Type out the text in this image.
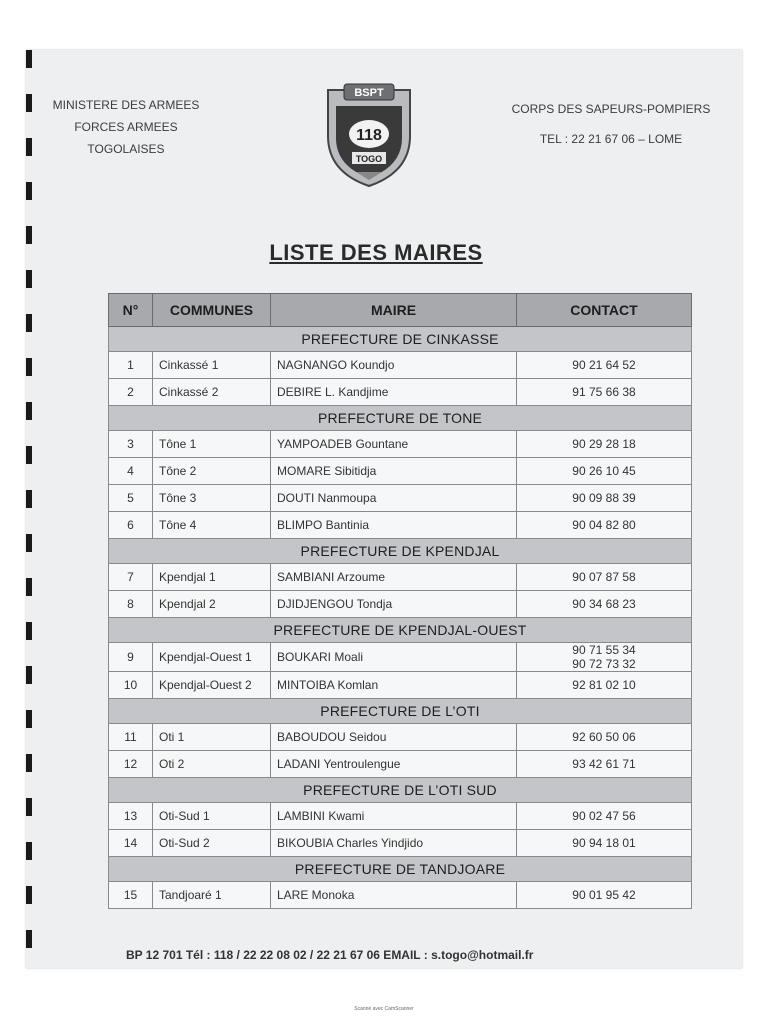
MINISTERE DES ARMEES
FORCES ARMEES
TOGOLAISES
BSPT
118
TOGO
CORPS DES SAPEURS-POMPIERS
TEL : 22 21 67 06 – LOME
LISTE DES MAIRES
N°	COMMUNES	MAIRE	CONTACT
PREFECTURE DE CINKASSE			
1	Cinkassé 1	NAGNANGO Koundjo	90 21 64 52
2	Cinkassé 2	DEBIRE L. Kandjime	91 75 66 38
PREFECTURE DE TONE			
3	Tône 1	YAMPOADEB Gountane	90 29 28 18
4	Tône 2	MOMARE Sibitidja	90 26 10 45
5	Tône 3	DOUTI Nanmoupa	90 09 88 39
6	Tône 4	BLIMPO Bantinia	90 04 82 80
PREFECTURE DE KPENDJAL			
7	Kpendjal 1	SAMBIANI Arzoume	90 07 87 58
8	Kpendjal 2	DJIDJENGOU Tondja	90 34 68 23
PREFECTURE DE KPENDJAL-OUEST			
9	Kpendjal-Ouest 1	BOUKARI Moali	90 71 55 34
90 72 73 32

10	Kpendjal-Ouest 2	MINTOIBA Komlan	92 81 02 10
PREFECTURE DE L’OTI			
11	Oti 1	BABOUDOU Seidou	92 60 50 06
12	Oti 2	LADANI Yentroulengue	93 42 61 71
PREFECTURE DE L’OTI SUD			
13	Oti-Sud 1	LAMBINI Kwami	90 02 47 56
14	Oti-Sud 2	BIKOUBIA Charles Yindjido	90 94 18 01
PREFECTURE DE TANDJOARE			
15	Tandjoaré 1	LARE Monoka	90 01 95 42
BP 12 701 Tél : 118 / 22 22 08 02 / 22 21 67 06 EMAIL : s.togo@hotmail.fr
Scanné avec CamScanner
